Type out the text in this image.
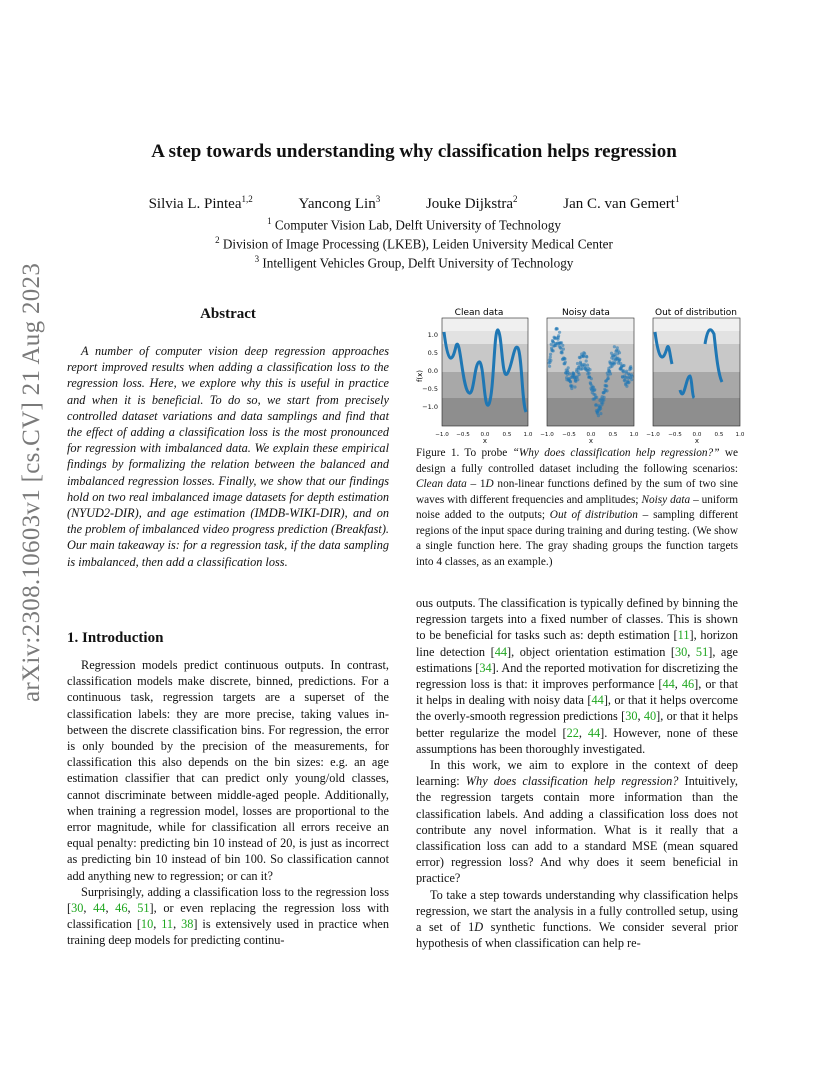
arXiv:2308.10603v1 [cs.CV] 21 Aug 2023
A step towards understanding why classification helps regression
Silvia L. Pintea$^{1,2}$	Yancong Lin$^3$	Jouke Dijkstra$^2$	Jan C. van Gemert$^1$
$^1$ Computer Vision Lab, Delft University of Technology
$^2$ Division of Image Processing (LKEB), Leiden University Medical Center
$^3$ Intelligent Vehicles Group, Delft University of Technology
Abstract
A number of computer vision deep regression approaches report improved results when adding a classification loss to the regression loss. Here, we explore why this is useful in practice and when it is beneficial. To do so, we start from precisely controlled dataset variations and data samplings and find that the effect of adding a classification loss is the most pronounced for regression with imbalanced data. We explain these empirical findings by formalizing the relation between the balanced and imbalanced regression losses. Finally, we show that our findings hold on two real imbalanced image datasets for depth estimation (NYUD2-DIR), and age estimation (IMDB-WIKI-DIR), and on the problem of imbalanced video progress prediction (Breakfast). Our main takeaway is: for a regression task, if the data sampling is imbalanced, then add a classification loss.
Clean data	Noisy data	Out of distribution
1.0
0.5
0.0
−0.5
−1.0
f(x)
−1.0 −0.5 0.0 0.5 1.0 −1.0 −0.5 0.0 0.5 1.0 −1.0 −0.5 0.0 0.5 1.0
x	x	x
Figure 1. To probe “Why does classification help regression?” we design a fully controlled dataset including the following scenarios: Clean data – 1D non-linear functions defined by the sum of two sine waves with different frequencies and amplitudes; Noisy data – uniform noise added to the outputs; Out of distribution – sampling different regions of the input space during training and during testing. (We show a single function here. The gray shading groups the function targets into 4 classes, as an example.)
1. Introduction

Regression models predict continuous outputs. In contrast, classification models make discrete, binned, predictions. For a continuous task, regression targets are a superset of the classification labels: they are more precise, taking values in-between the discrete classification bins. For regression, the error is only bounded by the precision of the measurements, for classification this also depends on the bin sizes: e.g. an age estimation classifier that can predict only young/old classes, cannot discriminate between middle-aged people. Additionally, when training a regression model, losses are proportional to the error magnitude, while for classification all errors receive an equal penalty: predicting bin 10 instead of 20, is just as incorrect as predicting bin 10 instead of bin 100. So classification cannot add anything new to regression; or can it?

Surprisingly, adding a classification loss to the regression loss [30, 44, 46, 51], or even replacing the regression loss with classification [10, 11, 38] is extensively used in practice when training deep models for predicting continu-

ous outputs. The classification is typically defined by binning the regression targets into a fixed number of classes. This is shown to be beneficial for tasks such as: depth estimation [11], horizon line detection [44], object orientation estimation [30, 51], age estimations [34]. And the reported motivation for discretizing the regression loss is that: it improves performance [44, 46], or that it helps in dealing with noisy data [44], or that it helps overcome the overly-smooth regression predictions [30, 40], or that it helps better regularize the model [22, 44]. However, none of these assumptions has been thoroughly investigated.

In this work, we aim to explore in the context of deep learning: Why does classification help regression? Intuitively, the regression targets contain more information than the classification labels. And adding a classification loss does not contribute any novel information. What is it really that a classification loss can add to a standard MSE (mean squared error) regression loss? And why does it seem beneficial in practice?

To take a step towards understanding why classification helps regression, we start the analysis in a fully controlled setup, using a set of 1D synthetic functions. We consider several prior hypothesis of when classification can help re-
